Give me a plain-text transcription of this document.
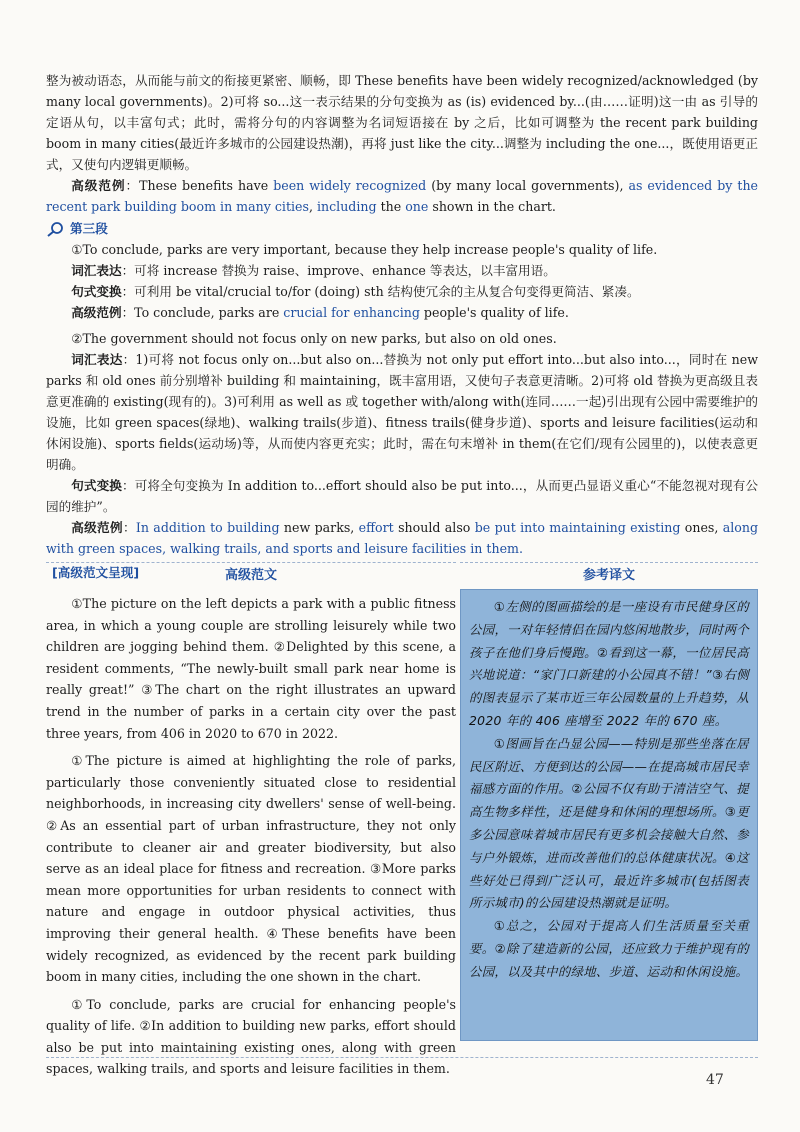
整为被动语态，从而能与前文的衔接更紧密、顺畅，即 These benefits have been widely recognized/acknowledged (by many local governments)。2)可将 so...这一表示结果的分句变换为 as (is) evidenced by...(由……证明)这一由 as 引导的定语从句，以丰富句式；此时，需将分句的内容调整为名词短语接在 by 之后，比如可调整为 the recent park building boom in many cities(最近许多城市的公园建设热潮)，再将 just like the city...调整为 including the one...，既使用语更正式，又使句内逻辑更顺畅。

高级范例：These benefits have been widely recognized (by many local governments), as evidenced by the recent park building boom in many cities, including the one shown in the chart.

第三段

①To conclude, parks are very important, because they help increase people's quality of life.

词汇表达：可将 increase 替换为 raise、improve、enhance 等表达，以丰富用语。

句式变换：可利用 be vital/crucial to/for (doing) sth 结构使冗余的主从复合句变得更简洁、紧凑。

高级范例：To conclude, parks are crucial for enhancing people's quality of life.

②The government should not focus only on new parks, but also on old ones.

词汇表达：1)可将 not focus only on...but also on...替换为 not only put effort into...but also into...，同时在 new parks 和 old ones 前分别增补 building 和 maintaining，既丰富用语，又使句子表意更清晰。2)可将 old 替换为更高级且表意更准确的 existing(现有的)。3)可利用 as well as 或 together with/along with(连同……一起)引出现有公园中需要维护的设施，比如 green spaces(绿地)、walking trails(步道)、fitness trails(健身步道)、sports and leisure facilities(运动和休闲设施)、sports fields(运动场)等，从而使内容更充实；此时，需在句末增补 in them(在它们/现有公园里的)，以使表意更明确。

句式变换：可将全句变换为 In addition to...effort should also be put into...，从而更凸显语义重心“不能忽视对现有公园的维护”。

高级范例：In addition to building new parks, effort should also be put into maintaining existing ones, along with green spaces, walking trails, and sports and leisure facilities in them.

[高级范文呈现]	高级范文

①The picture on the left depicts a park with a public fitness area, in which a young couple are strolling leisurely while two children are jogging behind them. ②Delighted by this scene, a resident comments, “The newly-built small park near home is really great!” ③The chart on the right illustrates an upward trend in the number of parks in a certain city over the past three years, from 406 in 2020 to 670 in 2022.

①The picture is aimed at highlighting the role of parks, particularly those conveniently situated close to residential neighborhoods, in increasing city dwellers' sense of well-being. ②As an essential part of urban infrastructure, they not only contribute to cleaner air and greater biodiversity, but also serve as an ideal place for fitness and recreation. ③More parks mean more opportunities for urban residents to connect with nature and engage in outdoor physical activities, thus improving their general health. ④These benefits have been widely recognized, as evidenced by the recent park building boom in many cities, including the one shown in the chart.

①To conclude, parks are crucial for enhancing people's quality of life. ②In addition to building new parks, effort should also be put into maintaining existing ones, along with green spaces, walking trails, and sports and leisure facilities in them.

参考译文

①左侧的图画描绘的是一座设有市民健身区的公园，一对年轻情侣在园内悠闲地散步，同时两个孩子在他们身后慢跑。②看到这一幕，一位居民高兴地说道：“家门口新建的小公园真不错！”③右侧的图表显示了某市近三年公园数量的上升趋势，从 2020 年的 406 座增至 2022 年的 670 座。

①图画旨在凸显公园——特别是那些坐落在居民区附近、方便到达的公园——在提高城市居民幸福感方面的作用。②公园不仅有助于清洁空气、提高生物多样性，还是健身和休闲的理想场所。③更多公园意味着城市居民有更多机会接触大自然、参与户外锻炼，进而改善他们的总体健康状况。④这些好处已得到广泛认可，最近许多城市(包括图表所示城市)的公园建设热潮就是证明。

①总之，公园对于提高人们生活质量至关重要。②除了建造新的公园，还应致力于维护现有的公园，以及其中的绿地、步道、运动和休闲设施。

47
